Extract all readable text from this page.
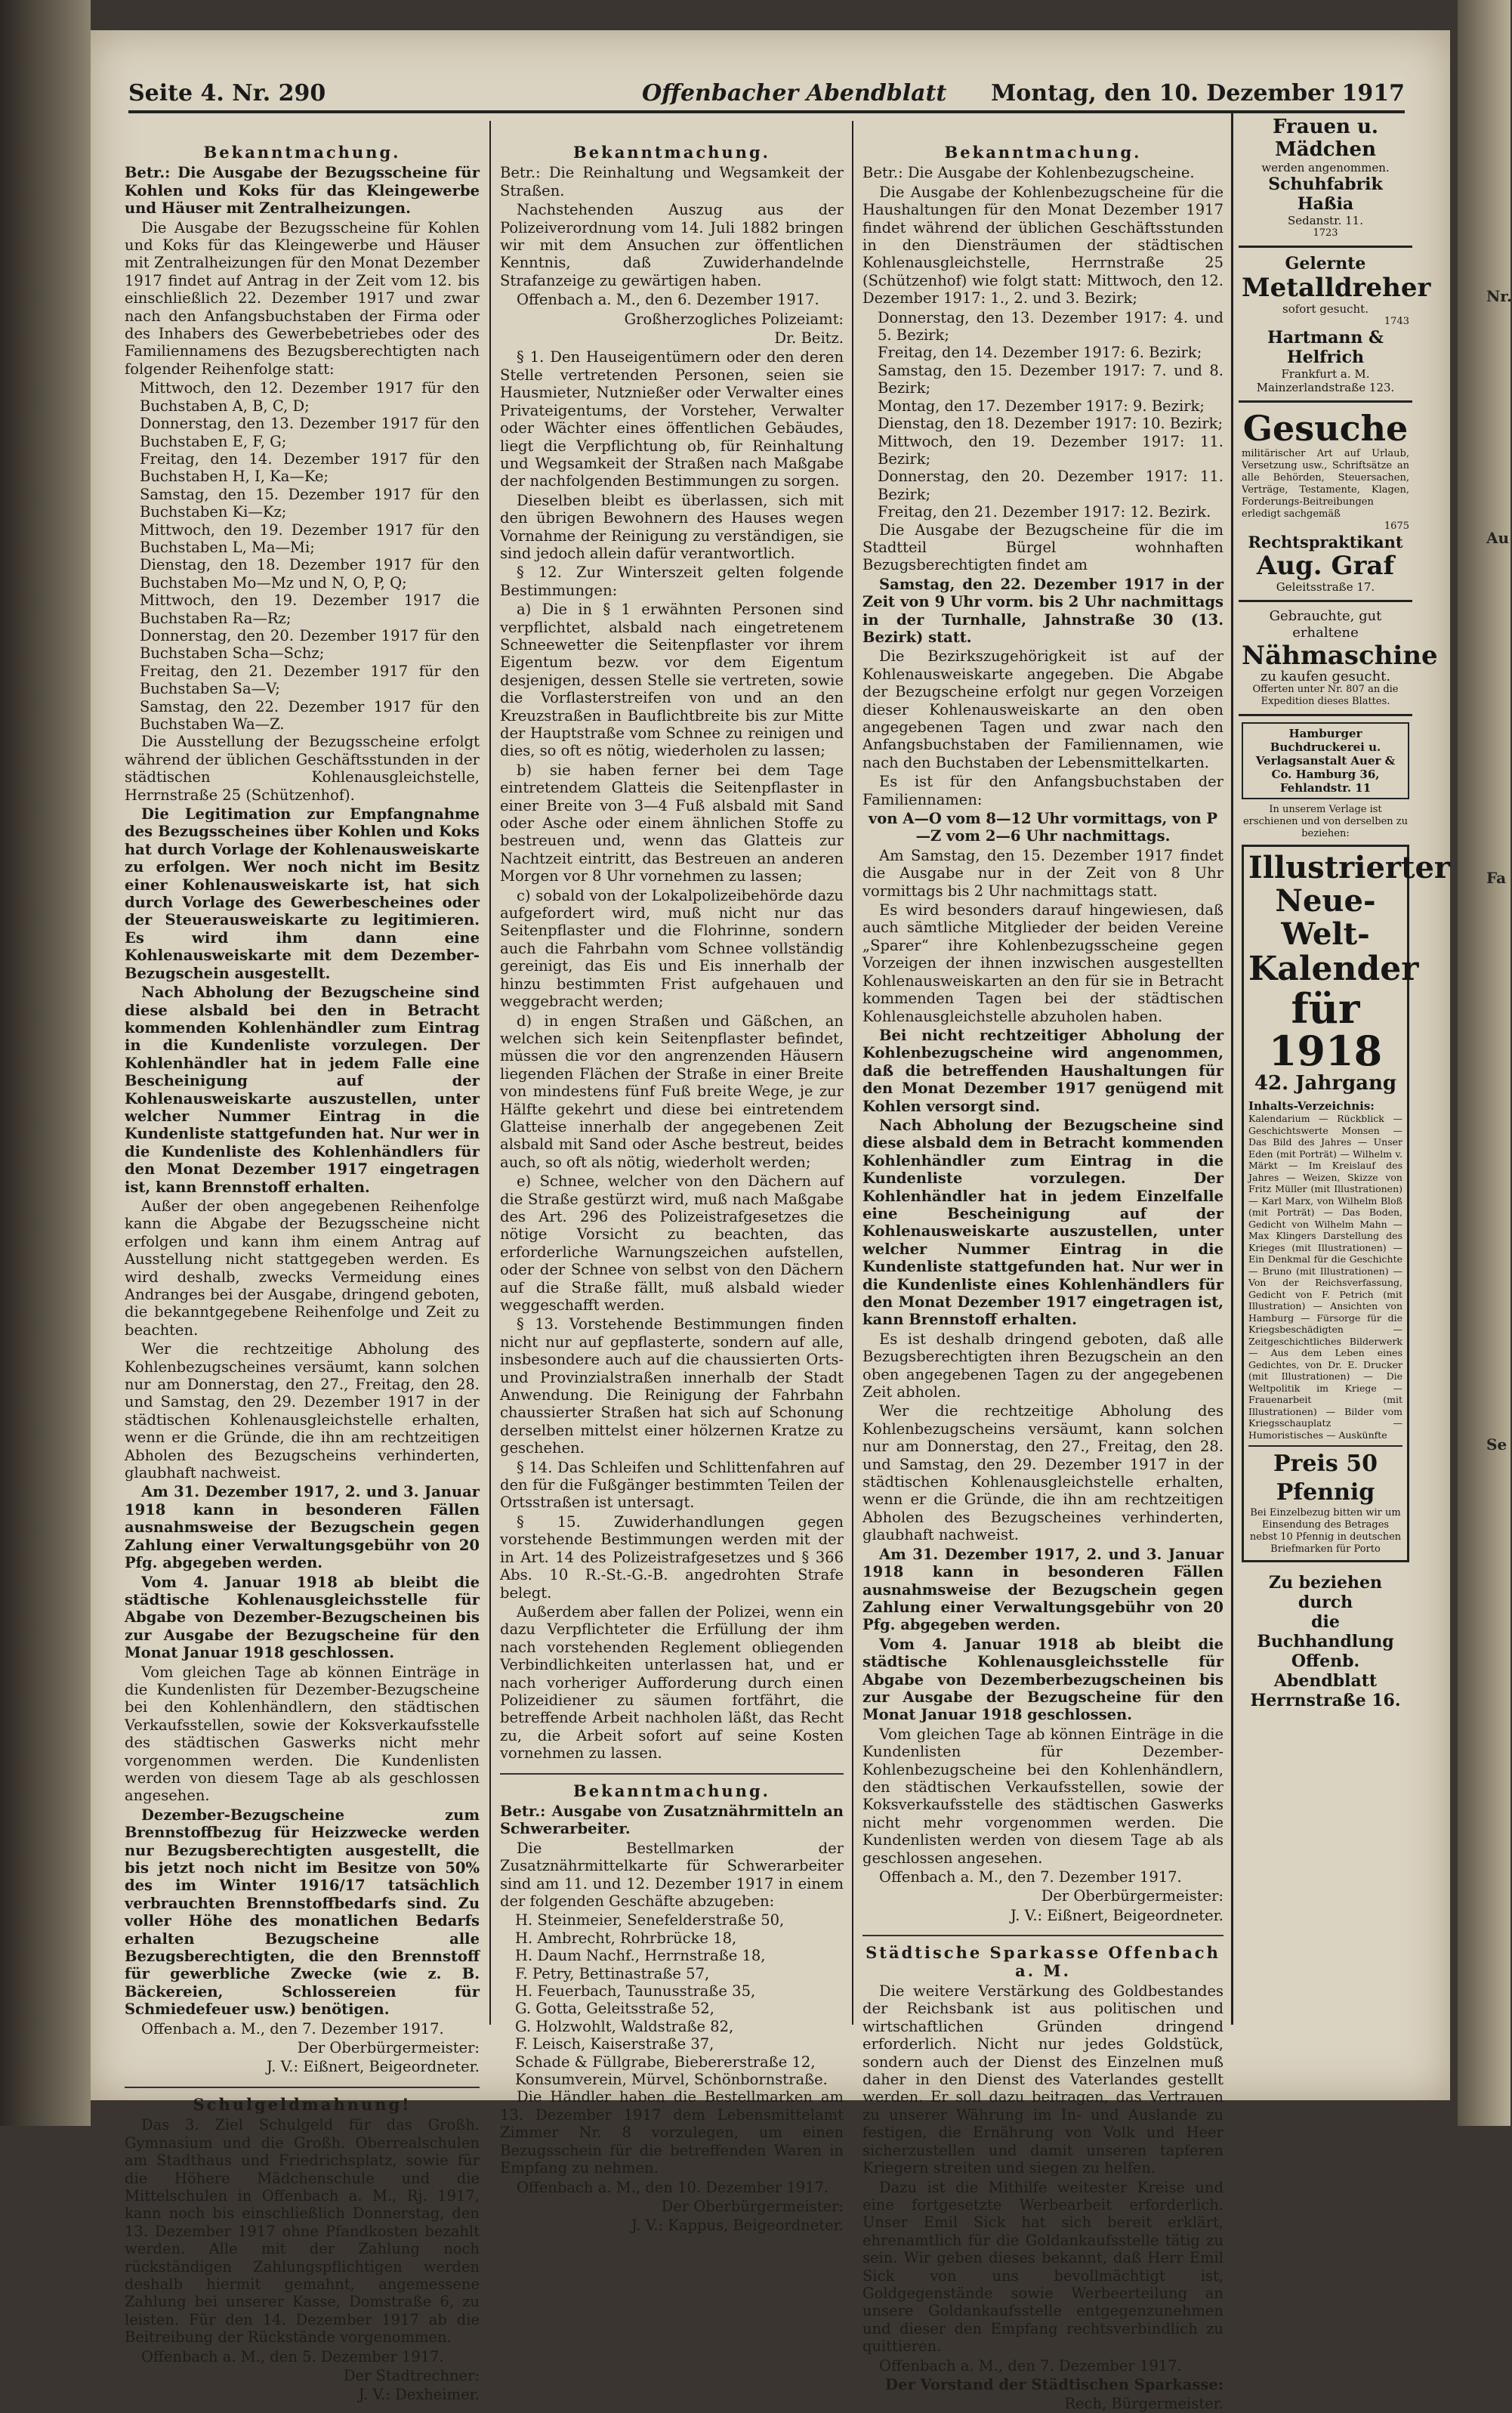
Nr.
Au
Fa
Se
Seite 4. Nr. 290	Offenbacher Abendblatt Montag, den 10. Dezember 1917
Bekanntmachung.

Betr.: Die Ausgabe der Bezugsscheine für Kohlen und Koks für das Kleingewerbe und Häuser mit Zentralheizungen.

Die Ausgabe der Bezugsscheine für Kohlen und Koks für das Kleingewerbe und Häuser mit Zentralheizungen für den Monat Dezember 1917 findet auf Antrag in der Zeit vom 12. bis einschließlich 22. Dezember 1917 und zwar nach den Anfangsbuchstaben der Firma oder des Inhabers des Gewerbebetriebes oder des Familiennamens des Bezugsberechtigten nach folgender Reihenfolge statt:

Mittwoch, den 12. Dezember 1917 für den Buchstaben A, B, C, D;
Donnerstag, den 13. Dezember 1917 für den Buchstaben E, F, G;
Freitag, den 14. Dezember 1917 für den Buchstaben H, I, Ka—Ke;
Samstag, den 15. Dezember 1917 für den Buchstaben Ki—Kz;
Mittwoch, den 19. Dezember 1917 für den Buchstaben L, Ma—Mi;
Dienstag, den 18. Dezember 1917 für den Buchstaben Mo—Mz und N, O, P, Q;
Mittwoch, den 19. Dezember 1917 die Buchstaben Ra—Rz;
Donnerstag, den 20. Dezember 1917 für den Buchstaben Scha—Schz;
Freitag, den 21. Dezember 1917 für den Buchstaben Sa—V;
Samstag, den 22. Dezember 1917 für den Buchstaben Wa—Z.

Die Ausstellung der Bezugsscheine erfolgt während der üblichen Geschäftsstunden in der städtischen Kohlenausgleichstelle, Herrnstraße 25 (Schützenhof).

Die Legitimation zur Empfangnahme des Bezugsscheines über Kohlen und Koks hat durch Vorlage der Kohlenausweiskarte zu erfolgen. Wer noch nicht im Besitz einer Kohlenausweiskarte ist, hat sich durch Vorlage des Gewerbescheines oder der Steuerausweiskarte zu legitimieren. Es wird ihm dann eine Kohlenausweiskarte mit dem Dezember-Bezugschein ausgestellt.

Nach Abholung der Bezugscheine sind diese alsbald bei den in Betracht kommenden Kohlenhändler zum Eintrag in die Kundenliste vorzulegen. Der Kohlenhändler hat in jedem Falle eine Bescheinigung auf der Kohlenausweiskarte auszustellen, unter welcher Nummer Eintrag in die Kundenliste stattgefunden hat. Nur wer in die Kundenliste des Kohlenhändlers für den Monat Dezember 1917 eingetragen ist, kann Brennstoff erhalten.

Außer der oben angegebenen Reihenfolge kann die Abgabe der Bezugsscheine nicht erfolgen und kann ihm einem Antrag auf Ausstellung nicht stattgegeben werden. Es wird deshalb, zwecks Vermeidung eines Andranges bei der Ausgabe, dringend geboten, die bekanntgegebene Reihenfolge und Zeit zu beachten.

Wer die rechtzeitige Abholung des Kohlenbezugscheines versäumt, kann solchen nur am Donnerstag, den 27., Freitag, den 28. und Samstag, den 29. Dezember 1917 in der städtischen Kohlenausgleichstelle erhalten, wenn er die Gründe, die ihn am rechtzeitigen Abholen des Bezugscheins verhinderten, glaubhaft nachweist.

Am 31. Dezember 1917, 2. und 3. Januar 1918 kann in besonderen Fällen ausnahmsweise der Bezugschein gegen Zahlung einer Verwaltungsgebühr von 20 Pfg. abgegeben werden.

Vom 4. Januar 1918 ab bleibt die städtische Kohlenausgleichsstelle für Abgabe von Dezember-Bezugscheinen bis zur Ausgabe der Bezugscheine für den Monat Januar 1918 geschlossen.

Vom gleichen Tage ab können Einträge in die Kundenlisten für Dezember-Bezugscheine bei den Kohlenhändlern, den städtischen Verkaufsstellen, sowie der Koksverkaufsstelle des städtischen Gaswerks nicht mehr vorgenommen werden. Die Kundenlisten werden von diesem Tage ab als geschlossen angesehen.

Dezember-Bezugscheine zum Brennstoffbezug für Heizzwecke werden nur Bezugsberechtigten ausgestellt, die bis jetzt noch nicht im Besitze von 50% des im Winter 1916/17 tatsächlich verbrauchten Brennstoffbedarfs sind. Zu voller Höhe des monatlichen Bedarfs erhalten Bezugscheine alle Bezugsberechtigten, die den Brennstoff für gewerbliche Zwecke (wie z. B. Bäckereien, Schlossereien für Schmiedefeuer usw.) benötigen.

Offenbach a. M., den 7. Dezember 1917.

Der Oberbürgermeister:

J. V.: Eißnert, Beigeordneter.

Schulgeldmahnung!

Das 3. Ziel Schulgeld für das Großh. Gymnasium und die Großh. Oberrealschulen am Stadthaus und Friedrichsplatz, sowie für die Höhere Mädchenschule und die Mittelschulen in Offenbach a. M., Rj. 1917, kann noch bis einschließlich Donnerstag, den 13. Dezember 1917 ohne Pfandkosten bezahlt werden. Alle mit der Zahlung noch rückständigen Zahlungspflichtigen werden deshalb hiermit gemahnt, angemessene Zahlung bei unserer Kasse, Domstraße 6, zu leisten. Für den 14. Dezember 1917 ab die Beitreibung der Rückstände vorgenommen.

Offenbach a. M., den 5. Dezember 1917.

Der Stadtrechner:

J. V.: Dexheimer.

Bekanntmachung.

Betr.: Die Reinhaltung und Wegsamkeit der Straßen.

Nachstehenden Auszug aus der Polizeiverordnung vom 14. Juli 1882 bringen wir mit dem Ansuchen zur öffentlichen Kenntnis, daß Zuwiderhandelnde Strafanzeige zu gewärtigen haben.

Offenbach a. M., den 6. Dezember 1917.

Großherzogliches Polizeiamt:

Dr. Beitz.

§ 1. Den Hauseigentümern oder den deren Stelle vertretenden Personen, seien sie Hausmieter, Nutznießer oder Verwalter eines Privateigentums, der Vorsteher, Verwalter oder Wächter eines öffentlichen Gebäudes, liegt die Verpflichtung ob, für Reinhaltung und Wegsamkeit der Straßen nach Maßgabe der nachfolgenden Bestimmungen zu sorgen.

Dieselben bleibt es überlassen, sich mit den übrigen Bewohnern des Hauses wegen Vornahme der Reinigung zu verständigen, sie sind jedoch allein dafür verantwortlich.

§ 12. Zur Winterszeit gelten folgende Bestimmungen:

a) Die in § 1 erwähnten Personen sind verpflichtet, alsbald nach eingetretenem Schneewetter die Seitenpflaster vor ihrem Eigentum bezw. vor dem Eigentum desjenigen, dessen Stelle sie vertreten, sowie die Vorflasterstreifen von und an den Kreuzstraßen in Bauflichtbreite bis zur Mitte der Hauptstraße vom Schnee zu reinigen und dies, so oft es nötig, wiederholen zu lassen;

b) sie haben ferner bei dem Tage eintretendem Glatteis die Seitenpflaster in einer Breite von 3—4 Fuß alsbald mit Sand oder Asche oder einem ähnlichen Stoffe zu bestreuen und, wenn das Glatteis zur Nachtzeit eintritt, das Bestreuen an anderen Morgen vor 8 Uhr vornehmen zu lassen;

c) sobald von der Lokalpolizeibehörde dazu aufgefordert wird, muß nicht nur das Seitenpflaster und die Flohrinne, sondern auch die Fahrbahn vom Schnee vollständig gereinigt, das Eis und Eis innerhalb der hinzu bestimmten Frist aufgehauen und weggebracht werden;

d) in engen Straßen und Gäßchen, an welchen sich kein Seitenpflaster befindet, müssen die vor den angrenzenden Häusern liegenden Flächen der Straße in einer Breite von mindestens fünf Fuß breite Wege, je zur Hälfte gekehrt und diese bei eintretendem Glatteise innerhalb der angegebenen Zeit alsbald mit Sand oder Asche bestreut, beides auch, so oft als nötig, wiederholt werden;

e) Schnee, welcher von den Dächern auf die Straße gestürzt wird, muß nach Maßgabe des Art. 296 des Polizeistrafgesetzes die nötige Vorsicht zu beachten, das erforderliche Warnungszeichen aufstellen, oder der Schnee von selbst von den Dächern auf die Straße fällt, muß alsbald wieder weggeschafft werden.

§ 13. Vorstehende Bestimmungen finden nicht nur auf gepflasterte, sondern auf alle, insbesondere auch auf die chaussierten Orts- und Provinzialstraßen innerhalb der Stadt Anwendung. Die Reinigung der Fahrbahn chaussierter Straßen hat sich auf Schonung derselben mittelst einer hölzernen Kratze zu geschehen.

§ 14. Das Schleifen und Schlittenfahren auf den für die Fußgänger bestimmten Teilen der Ortsstraßen ist untersagt.

§ 15. Zuwiderhandlungen gegen vorstehende Bestimmungen werden mit der in Art. 14 des Polizeistrafgesetzes und § 366 Abs. 10 R.-St.-G.-B. angedrohten Strafe belegt.

Außerdem aber fallen der Polizei, wenn ein dazu Verpflichteter die Erfüllung der ihm nach vorstehenden Reglement obliegenden Verbindlichkeiten unterlassen hat, und er nach vorheriger Aufforderung durch einen Polizeidiener zu säumen fortfährt, die betreffende Arbeit nachholen läßt, das Recht zu, die Arbeit sofort auf seine Kosten vornehmen zu lassen.

Bekanntmachung.

Betr.: Ausgabe von Zusatznährmitteln an Schwerarbeiter.

Die Bestellmarken der Zusatznährmittelkarte für Schwerarbeiter sind am 11. und 12. Dezember 1917 in einem der folgenden Geschäfte abzugeben:

H. Steinmeier, Senefelderstraße 50,
H. Ambrecht, Rohrbrücke 18,
H. Daum Nachf., Herrnstraße 18,
F. Petry, Bettinastraße 57,
H. Feuerbach, Taunusstraße 35,
G. Gotta, Geleitsstraße 52,
G. Holzwohlt, Waldstraße 82,
F. Leisch, Kaiserstraße 37,
Schade & Füllgrabe, Biebererstraße 12,
Konsumverein, Mürvel, Schönbornstraße.

Die Händler haben die Bestellmarken am 13. Dezember 1917 dem Lebensmittelamt Zimmer Nr. 8 vorzulegen, um einen Bezugsschein für die betreffenden Waren in Empfang zu nehmen.

Offenbach a. M., den 10. Dezember 1917.

Der Oberbürgermeister:

J. V.: Kappus, Beigeordneter.

Bekanntmachung.

Betr.: Die Ausgabe der Kohlenbezugscheine.

Die Ausgabe der Kohlenbezugscheine für die Haushaltungen für den Monat Dezember 1917 findet während der üblichen Geschäftsstunden in den Diensträumen der städtischen Kohlenausgleichstelle, Herrnstraße 25 (Schützenhof) wie folgt statt: Mittwoch, den 12. Dezember 1917: 1., 2. und 3. Bezirk;

Donnerstag, den 13. Dezember 1917: 4. und 5. Bezirk;
Freitag, den 14. Dezember 1917: 6. Bezirk;
Samstag, den 15. Dezember 1917: 7. und 8. Bezirk;
Montag, den 17. Dezember 1917: 9. Bezirk;
Dienstag, den 18. Dezember 1917: 10. Bezirk;
Mittwoch, den 19. Dezember 1917: 11. Bezirk;
Donnerstag, den 20. Dezember 1917: 11. Bezirk;
Freitag, den 21. Dezember 1917: 12. Bezirk.

Die Ausgabe der Bezugscheine für die im Stadtteil Bürgel wohnhaften Bezugsberechtigten findet am

Samstag, den 22. Dezember 1917 in der Zeit von 9 Uhr vorm. bis 2 Uhr nachmittags in der Turnhalle, Jahnstraße 30 (13. Bezirk) statt.

Die Bezirkszugehörigkeit ist auf der Kohlenausweiskarte angegeben. Die Abgabe der Bezugscheine erfolgt nur gegen Vorzeigen dieser Kohlenausweiskarte an den oben angegebenen Tagen und zwar nach den Anfangsbuchstaben der Familiennamen, wie nach den Buchstaben der Lebensmittelkarten.

Es ist für den Anfangsbuchstaben der Familiennamen:

von A—O vom 8—12 Uhr vormittags, von P—Z vom 2—6 Uhr nachmittags.

Am Samstag, den 15. Dezember 1917 findet die Ausgabe nur in der Zeit von 8 Uhr vormittags bis 2 Uhr nachmittags statt.

Es wird besonders darauf hingewiesen, daß auch sämtliche Mitglieder der beiden Vereine „Sparer“ ihre Kohlenbezugsscheine gegen Vorzeigen der ihnen inzwischen ausgestellten Kohlenausweiskarten an den für sie in Betracht kommenden Tagen bei der städtischen Kohlenausgleichstelle abzuholen haben.

Bei nicht rechtzeitiger Abholung der Kohlenbezugscheine wird angenommen, daß die betreffenden Haushaltungen für den Monat Dezember 1917 genügend mit Kohlen versorgt sind.

Nach Abholung der Bezugscheine sind diese alsbald dem in Betracht kommenden Kohlenhändler zum Eintrag in die Kundenliste vorzulegen. Der Kohlenhändler hat in jedem Einzelfalle eine Bescheinigung auf der Kohlenausweiskarte auszustellen, unter welcher Nummer Eintrag in die Kundenliste stattgefunden hat. Nur wer in die Kundenliste eines Kohlenhändlers für den Monat Dezember 1917 eingetragen ist, kann Brennstoff erhalten.

Es ist deshalb dringend geboten, daß alle Bezugsberechtigten ihren Bezugschein an den oben angegebenen Tagen zu der angegebenen Zeit abholen.

Wer die rechtzeitige Abholung des Kohlenbezugscheins versäumt, kann solchen nur am Donnerstag, den 27., Freitag, den 28. und Samstag, den 29. Dezember 1917 in der städtischen Kohlenausgleichstelle erhalten, wenn er die Gründe, die ihn am rechtzeitigen Abholen des Bezugscheines verhinderten, glaubhaft nachweist.

Am 31. Dezember 1917, 2. und 3. Januar 1918 kann in besonderen Fällen ausnahmsweise der Bezugschein gegen Zahlung einer Verwaltungsgebühr von 20 Pfg. abgegeben werden.

Vom 4. Januar 1918 ab bleibt die städtische Kohlenausgleichsstelle für Abgabe von Dezemberbezugscheinen bis zur Ausgabe der Bezugscheine für den Monat Januar 1918 geschlossen.

Vom gleichen Tage ab können Einträge in die Kundenlisten für Dezember-Kohlenbezugscheine bei den Kohlenhändlern, den städtischen Verkaufsstellen, sowie der Koksverkaufsstelle des städtischen Gaswerks nicht mehr vorgenommen werden. Die Kundenlisten werden von diesem Tage ab als geschlossen angesehen.

Offenbach a. M., den 7. Dezember 1917.

Der Oberbürgermeister:

J. V.: Eißnert, Beigeordneter.

Städtische Sparkasse Offenbach a. M.

Die weitere Verstärkung des Goldbestandes der Reichsbank ist aus politischen und wirtschaftlichen Gründen dringend erforderlich. Nicht nur jedes Goldstück, sondern auch der Dienst des Einzelnen muß daher in den Dienst des Vaterlandes gestellt werden. Er soll dazu beitragen, das Vertrauen zu unserer Währung im In- und Auslande zu festigen, die Ernährung von Volk und Heer sicherzustellen und damit unseren tapferen Kriegern streiten und siegen zu helfen.

Dazu ist die Mithilfe weitester Kreise und eine fortgesetzte Werbearbeit erforderlich. Unser Emil Sick hat sich bereit erklärt, ehrenamtlich für die Goldankaufsstelle tätig zu sein. Wir geben dieses bekannt, daß Herr Emil Sick von uns bevollmächtigt ist, Goldgegenstände sowie Werbeerteilung an unsere Goldankaufsstelle entgegenzunehmen und dieser den Empfang rechtsverbindlich zu quittieren.

Offenbach a. M., den 7. Dezember 1917.

Der Vorstand der Städtischen Sparkasse:

Rech, Bürgermeister.

Frauen u. Mädchen
werden angenommen.
Schuhfabrik Haßia
Sedanstr. 11.
1723
Gelernte
Metalldreher
sofort gesucht.
1743
Hartmann & Helfrich
Frankfurt a. M.
Mainzerlandstraße 123.
Gesuche
militärischer Art auf Urlaub, Versetzung usw., Schriftsätze an alle Behörden, Steuersachen, Verträge, Testamente, Klagen, Forderungs-Beitreibungen erledigt sachgemäß
1675
Rechtspraktikant
Aug. Graf
Geleitsstraße 17.
Gebrauchte, gut erhaltene
Nähmaschine
zu kaufen gesucht.
Offerten unter Nr. 807 an die Expedition dieses Blattes.
Hamburger Buchdruckerei u. Verlagsanstalt Auer & Co. Hamburg 36, Fehlandstr. 11
In unserem Verlage ist erschienen und von derselben zu beziehen:
Illustrierter
Neue-Welt-
Kalender
für 1918
42. Jahrgang
Inhalts-Verzeichnis:
Kalendarium — Rückblick — Geschichtswerte Monsen — Das Bild des Jahres — Unser Eden (mit Porträt) — Wilhelm v. Märkt — Im Kreislauf des Jahres — Weizen, Skizze von Fritz Müller (mit Illustrationen) — Karl Marx, von Wilhelm Bloß (mit Porträt) — Das Boden, Gedicht von Wilhelm Mahn — Max Klingers Darstellung des Krieges (mit Illustrationen) — Ein Denkmal für die Geschichte — Bruno (mit Illustrationen) — Von der Reichsverfassung, Gedicht von F. Petrich (mit Illustration) — Ansichten von Hamburg — Fürsorge für die Kriegsbeschädigten — Zeitgeschichtliches Bilderwerk — Aus dem Leben eines Gedichtes, von Dr. E. Drucker (mit Illustrationen) — Die Weltpolitik im Kriege — Frauenarbeit (mit Illustrationen) — Bilder vom Kriegsschauplatz — Humoristisches — Auskünfte
Preis 50 Pfennig
Bei Einzelbezug bitten wir um Einsendung des Betrages nebst 10 Pfennig in deutschen Briefmarken für Porto
Zu beziehen durch
die Buchhandlung
Offenb. Abendblatt
Herrnstraße 16.
